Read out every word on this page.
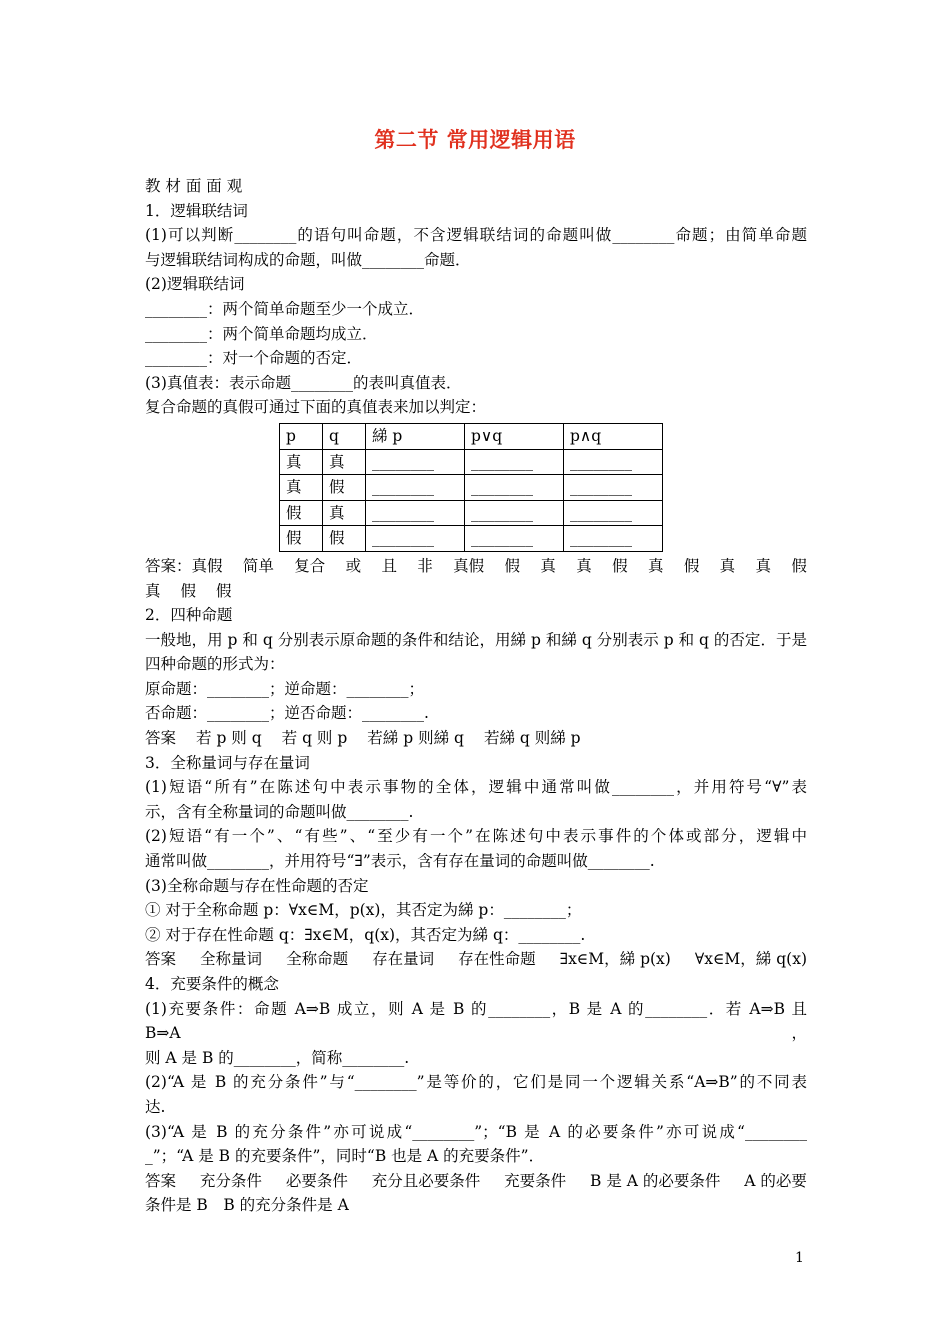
第二节 常用逻辑用语

教 材 面 面 观

1．逻辑联结词

(1)可以判断________的语句叫命题，不含逻辑联结词的命题叫做________命题；由简单命题

与逻辑联结词构成的命题，叫做________命题．

(2)逻辑联结词

________：两个简单命题至少一个成立．

________：两个简单命题均成立．

________：对一个命题的否定．

(3)真值表：表示命题________的表叫真值表．

复合命题的真假可通过下面的真值表来加以判定：

p	q	綈 p	p∨q	p∧q
真	真	________	________	________
真	假	________	________	________
假	真	________	________	________
假	假	________	________	________
答案：真假 简单 复合 或 且 非 真假 假 真 真 假 真 假 真 真 假

真 假 假

2．四种命题

一般地，用 p 和 q 分别表示原命题的条件和结论，用綈 p 和綈 q 分别表示 p 和 q 的否定．于是

四种命题的形式为：

原命题：________；逆命题：________；

否命题：________；逆否命题：________.

答案 若 p 则 q 若 q 则 p 若綈 p 则綈 q 若綈 q 则綈 p

3．全称量词与存在量词

(1)短语“所有”在陈述句中表示事物的全体，逻辑中通常叫做________，并用符号“∀”表

示，含有全称量词的命题叫做________.

(2)短语“有一个”、“有些”、“至少有一个”在陈述句中表示事件的个体或部分，逻辑中

通常叫做________，并用符号“∃”表示，含有存在量词的命题叫做________.

(3)全称命题与存在性命题的否定

① 对于全称命题 p：∀x∈M，p(x)，其否定为綈 p：________；

② 对于存在性命题 q：∃x∈M，q(x)，其否定为綈 q：________.

答案 全称量词 全称命题 存在量词 存在性命题 ∃x∈M，綈 p(x) ∀x∈M，綈 q(x)

4．充要条件的概念

(1)充要条件：命题 A⇒B 成立，则 A 是 B 的________，B 是 A 的________．若 A⇒B 且 B⇒A，

则 A 是 B 的________，简称________.

(2)“A 是 B 的充分条件”与“________”是等价的，它们是同一个逻辑关系“A⇒B”的不同表

达.

(3)“A 是 B 的充分条件”亦可说成“________”；“B 是 A 的必要条件”亦可说成“________

_”；“A 是 B 的充要条件”，同时“B 也是 A 的充要条件”．

答案 充分条件 必要条件 充分且必要条件 充要条件 B 是 A 的必要条件 A 的必要

条件是 B　B 的充分条件是 A

1
